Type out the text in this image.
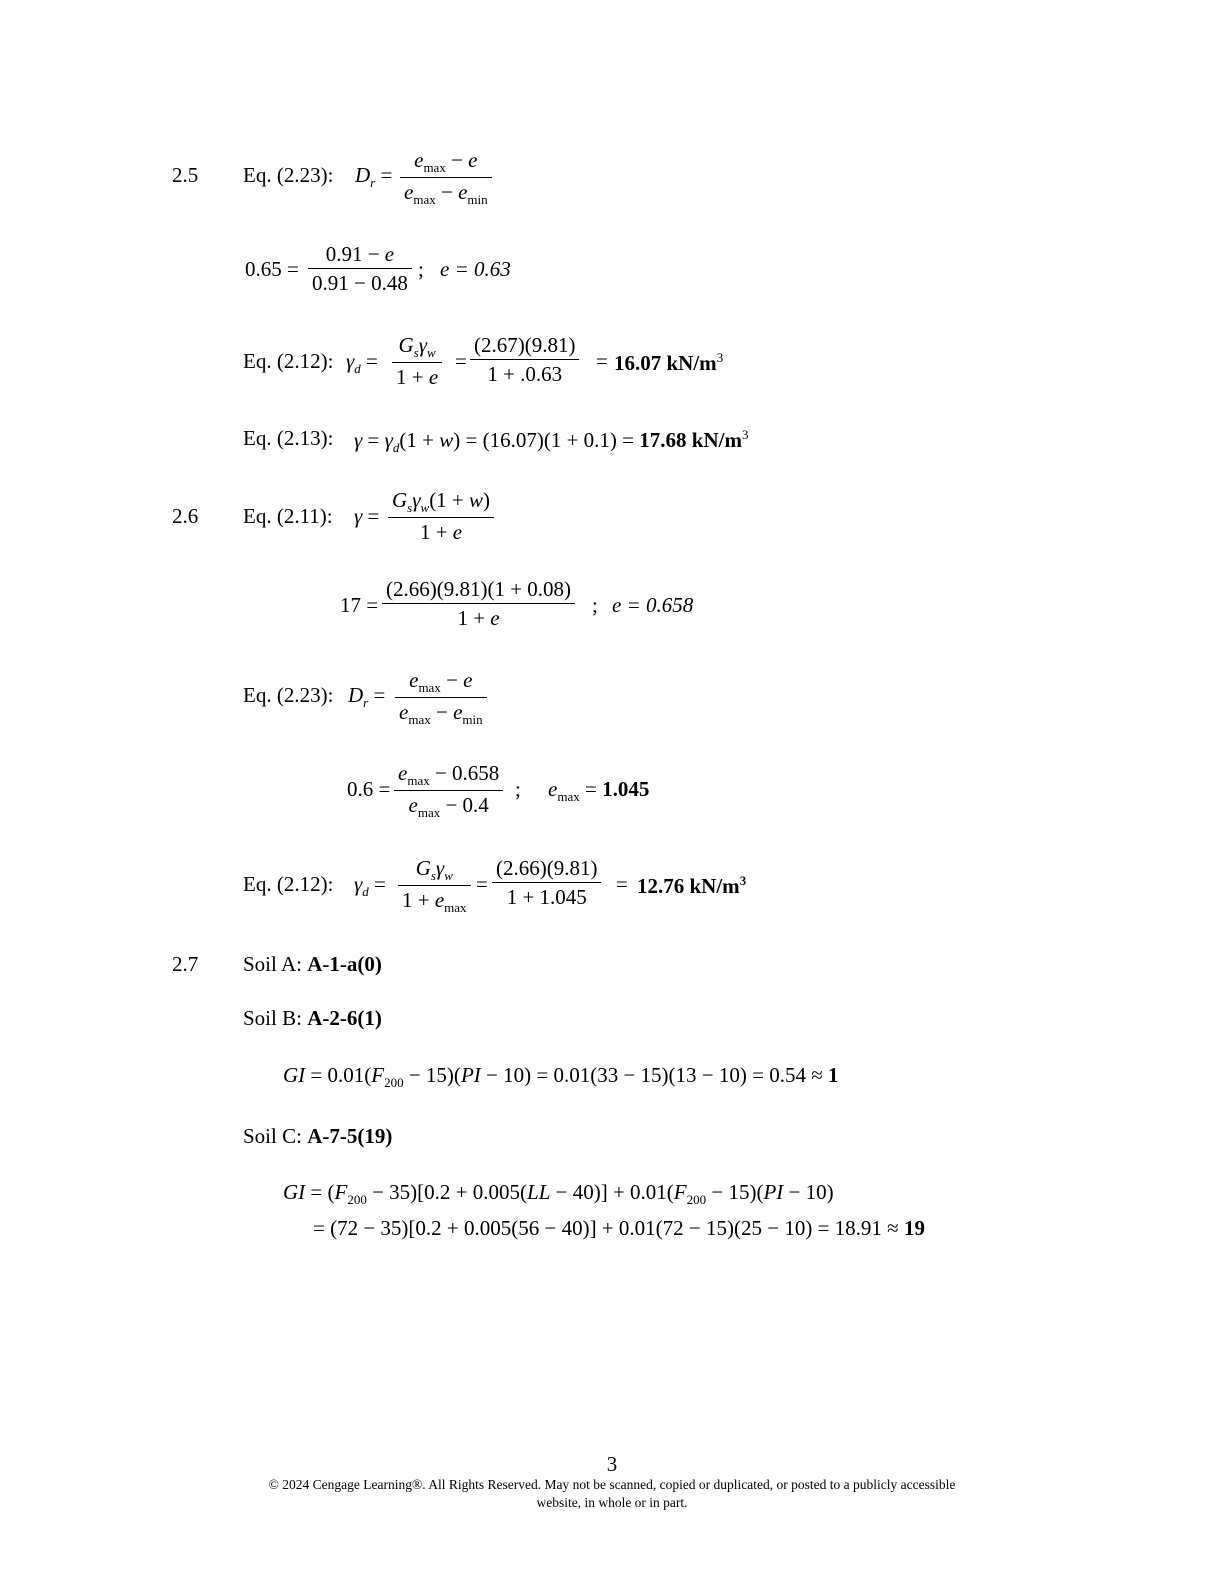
2.5 Eq. (2.23): $D_r$ =
$e_{max} - e$
$e_{max} - e_{min}$
0.65 =
0.91 − e
0.91 − 0.48
; e = 0.63
Eq. (2.12): $\gamma_d$ =
$G_s\gamma_w$
1 + e
=
(2.67)(9.81)
1 + .0.63
= 16.07 $kN/m^3$
Eq. (2.13): $\gamma = \gamma_d(1 + w) = (16.07)(1 + 0.1) = 17.68$ $kN/m^3$
2.6 Eq. (2.11): γ =
$G_s\gamma_w(1 + w)$
1 + e
17 =
(2.66)(9.81)(1 + 0.08)
1 + e
; e = 0.658
Eq. (2.23): $D_r$ =
$e_{max} - e$
$e_{max} - e_{min}$
0.6 =
$e_{max} - 0.658$
$e_{max} - 0.4$
; $e_{max} = 1.045$
Eq. (2.12): $\gamma_d$ =
$G_s\gamma_w$
$1 + e_{max}$
=
(2.66)(9.81)
1 + 1.045
= 12.76 $kN/m^3$
2.7 Soil A: A-1-a(0)
Soil B: A-2-6(1)
GI = $0.01(F_{200} - 15)(PI - 10) = 0.01(33 - 15)(13 - 10) = 0.54 \approx 1$
Soil C: A-7-5(19)
GI = $(F_{200} - 35)[0.2 + 0.005(LL - 40)] + 0.01(F_{200} - 15)(PI - 10)$
= (72 − 35)[0.2 + 0.005(56 − 40)] + 0.01(72 − 15)(25 − 10) = 18.91 ≈ 19
3
© 2024 Cengage Learning®. All Rights Reserved. May not be scanned, copied or duplicated, or posted to a publicly accessible
website, in whole or in part.
